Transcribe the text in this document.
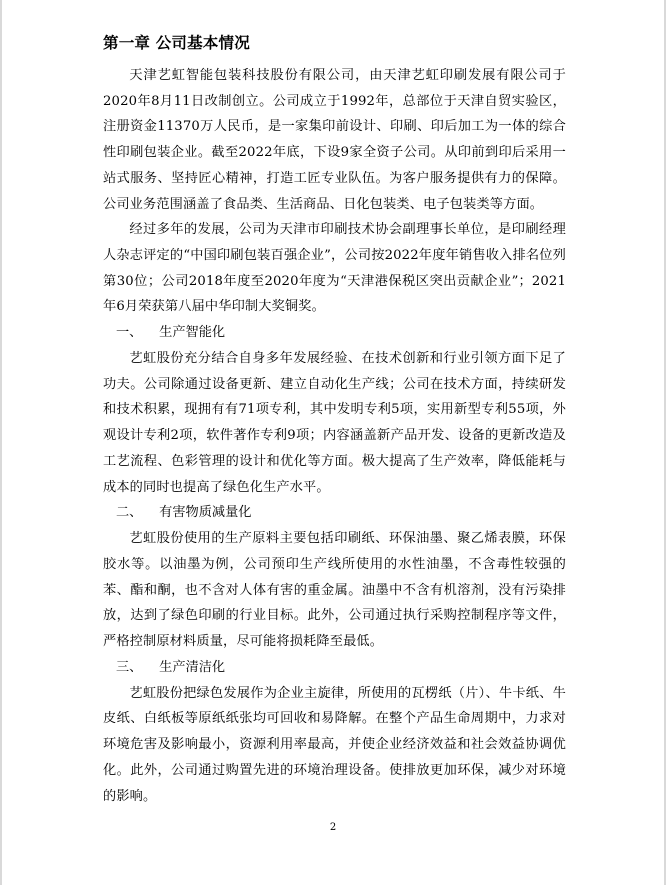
第一章 公司基本情况

天津艺虹智能包装科技股份有限公司，由天津艺虹印刷发展有限公司于2020年8月11日改制创立。公司成立于1992年，总部位于天津自贸实验区，注册资金11370万人民币，是一家集印前设计、印刷、印后加工为一体的综合性印刷包装企业。截至2022年底，下设9家全资子公司。从印前到印后采用一站式服务、坚持匠心精神，打造工匠专业队伍。为客户服务提供有力的保障。公司业务范围涵盖了食品类、生活商品、日化包装类、电子包装类等方面。

经过多年的发展，公司为天津市印刷技术协会副理事长单位，是印刷经理人杂志评定的“中国印刷包装百强企业”，公司按2022年度年销售收入排名位列第30位；公司2018年度至2020年度为“天津港保税区突出贡献企业”；2021年6月荣获第八届中华印制大奖铜奖。

一、    生产智能化

艺虹股份充分结合自身多年发展经验、在技术创新和行业引领方面下足了功夫。公司除通过设备更新、建立自动化生产线；公司在技术方面，持续研发和技术积累，现拥有有71项专利，其中发明专利5项，实用新型专利55项，外观设计专利2项，软件著作专利9项；内容涵盖新产品开发、设备的更新改造及工艺流程、色彩管理的设计和优化等方面。极大提高了生产效率，降低能耗与成本的同时也提高了绿色化生产水平。

二、    有害物质减量化

艺虹股份使用的生产原料主要包括印刷纸、环保油墨、聚乙烯表膜，环保胶水等。以油墨为例，公司预印生产线所使用的水性油墨，不含毒性较强的苯、酯和酮，也不含对人体有害的重金属。油墨中不含有机溶剂，没有污染排放，达到了绿色印刷的行业目标。此外，公司通过执行采购控制程序等文件，严格控制原材料质量，尽可能将损耗降至最低。

三、    生产清洁化

艺虹股份把绿色发展作为企业主旋律，所使用的瓦楞纸（片）、牛卡纸、牛皮纸、白纸板等原纸纸张均可回收和易降解。在整个产品生命周期中，力求对环境危害及影响最小，资源利用率最高，并使企业经济效益和社会效益协调优化。此外，公司通过购置先进的环境治理设备。使排放更加环保，减少对环境的影响。

2
